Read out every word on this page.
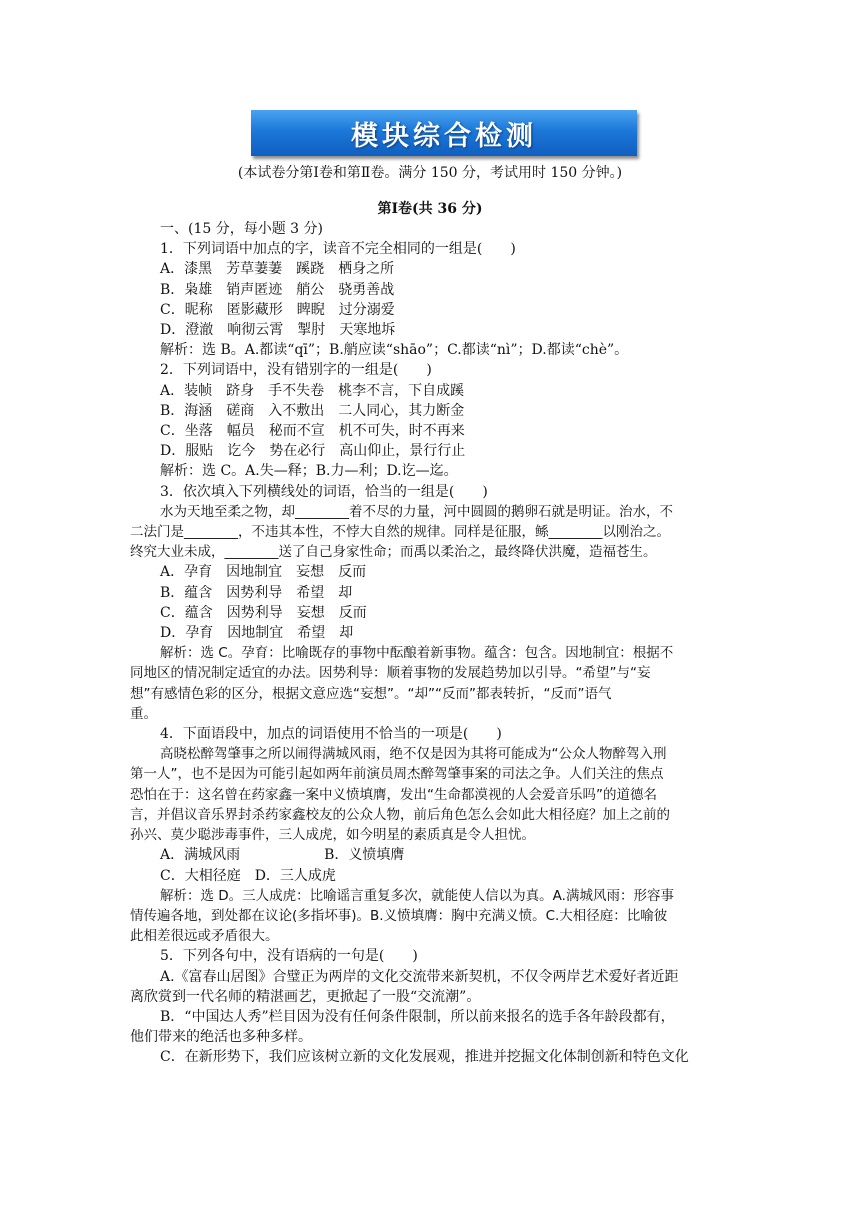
模块综合检测
(本试卷分第Ⅰ卷和第Ⅱ卷。满分 150 分，考试用时 150 分钟。)
第Ⅰ卷(共 36 分)
一、(15 分，每小题 3 分)
1．下列词语中加点的字，读音不完全相同的一组是(　　)
A．漆黑　芳草萋萋　蹊跷　栖身之所
B．枭雄　销声匿迹　艄公　骁勇善战
C．昵称　匿影藏形　睥睨　过分溺爱
D．澄澈　响彻云霄　掣肘　天寒地坼
解析：选 B。A.都读“qī”；B.艄应读“shāo”；C.都读“nì”；D.都读“chè”。
2．下列词语中，没有错别字的一组是(　　)
A．装帧　跻身　手不失卷　桃李不言，下自成蹊
B．海涵　磋商　入不敷出　二人同心，其力断金
C．坐落　幅员　秘而不宣　机不可失，时不再来
D．服贴　讫今　势在必行　高山仰止，景行行止
解析：选 C。A.失—释；B.力—利；D.讫—迄。
3．依次填入下列横线处的词语，恰当的一组是(　　)
水为天地至柔之物，却________着不尽的力量，河中圆圆的鹅卵石就是明证。治水，不
二法门是________，不违其本性，不悖大自然的规律。同样是征服，鲧________以刚治之。
终究大业未成，________送了自己身家性命；而禹以柔治之，最终降伏洪魔，造福苍生。
A．孕育　因地制宜　妄想　反而
B．蕴含　因势利导　希望　却
C．蕴含　因势利导　妄想　反而
D．孕育　因地制宜　希望　却
解析：选 C。孕育：比喻既存的事物中酝酿着新事物。蕴含：包含。因地制宜：根据不
同地区的情况制定适宜的办法。因势利导：顺着事物的发展趋势加以引导。“希望”与“妄
想”有感情色彩的区分，根据文意应选“妄想”。“却”“反而”都表转折，“反而”语气
重。
4．下面语段中，加点的词语使用不恰当的一项是(　　)
高晓松醉驾肇事之所以闹得满城风雨，绝不仅是因为其将可能成为“公众人物醉驾入刑
第一人”，也不是因为可能引起如两年前演员周杰醉驾肇事案的司法之争。人们关注的焦点
恐怕在于：这名曾在药家鑫一案中义愤填膺，发出“生命都漠视的人会爱音乐吗”的道德名
言，并倡议音乐界封杀药家鑫校友的公众人物，前后角色怎么会如此大相径庭？加上之前的
孙兴、莫少聪涉毒事件，三人成虎，如今明星的素质真是令人担忧。
A．满城风雨　　　　　　B．义愤填膺
C．大相径庭　D．三人成虎
解析：选 D。三人成虎：比喻谣言重复多次，就能使人信以为真。A.满城风雨：形容事
情传遍各地，到处都在议论(多指坏事)。B.义愤填膺：胸中充满义愤。C.大相径庭：比喻彼
此相差很远或矛盾很大。
5．下列各句中，没有语病的一句是(　　)
A.《富春山居图》合璧正为两岸的文化交流带来新契机，不仅令两岸艺术爱好者近距
离欣赏到一代名师的精湛画艺，更掀起了一股“交流潮”。
B．“中国达人秀”栏目因为没有任何条件限制，所以前来报名的选手各年龄段都有，
他们带来的绝活也多种多样。
C．在新形势下，我们应该树立新的文化发展观，推进并挖掘文化体制创新和特色文化
